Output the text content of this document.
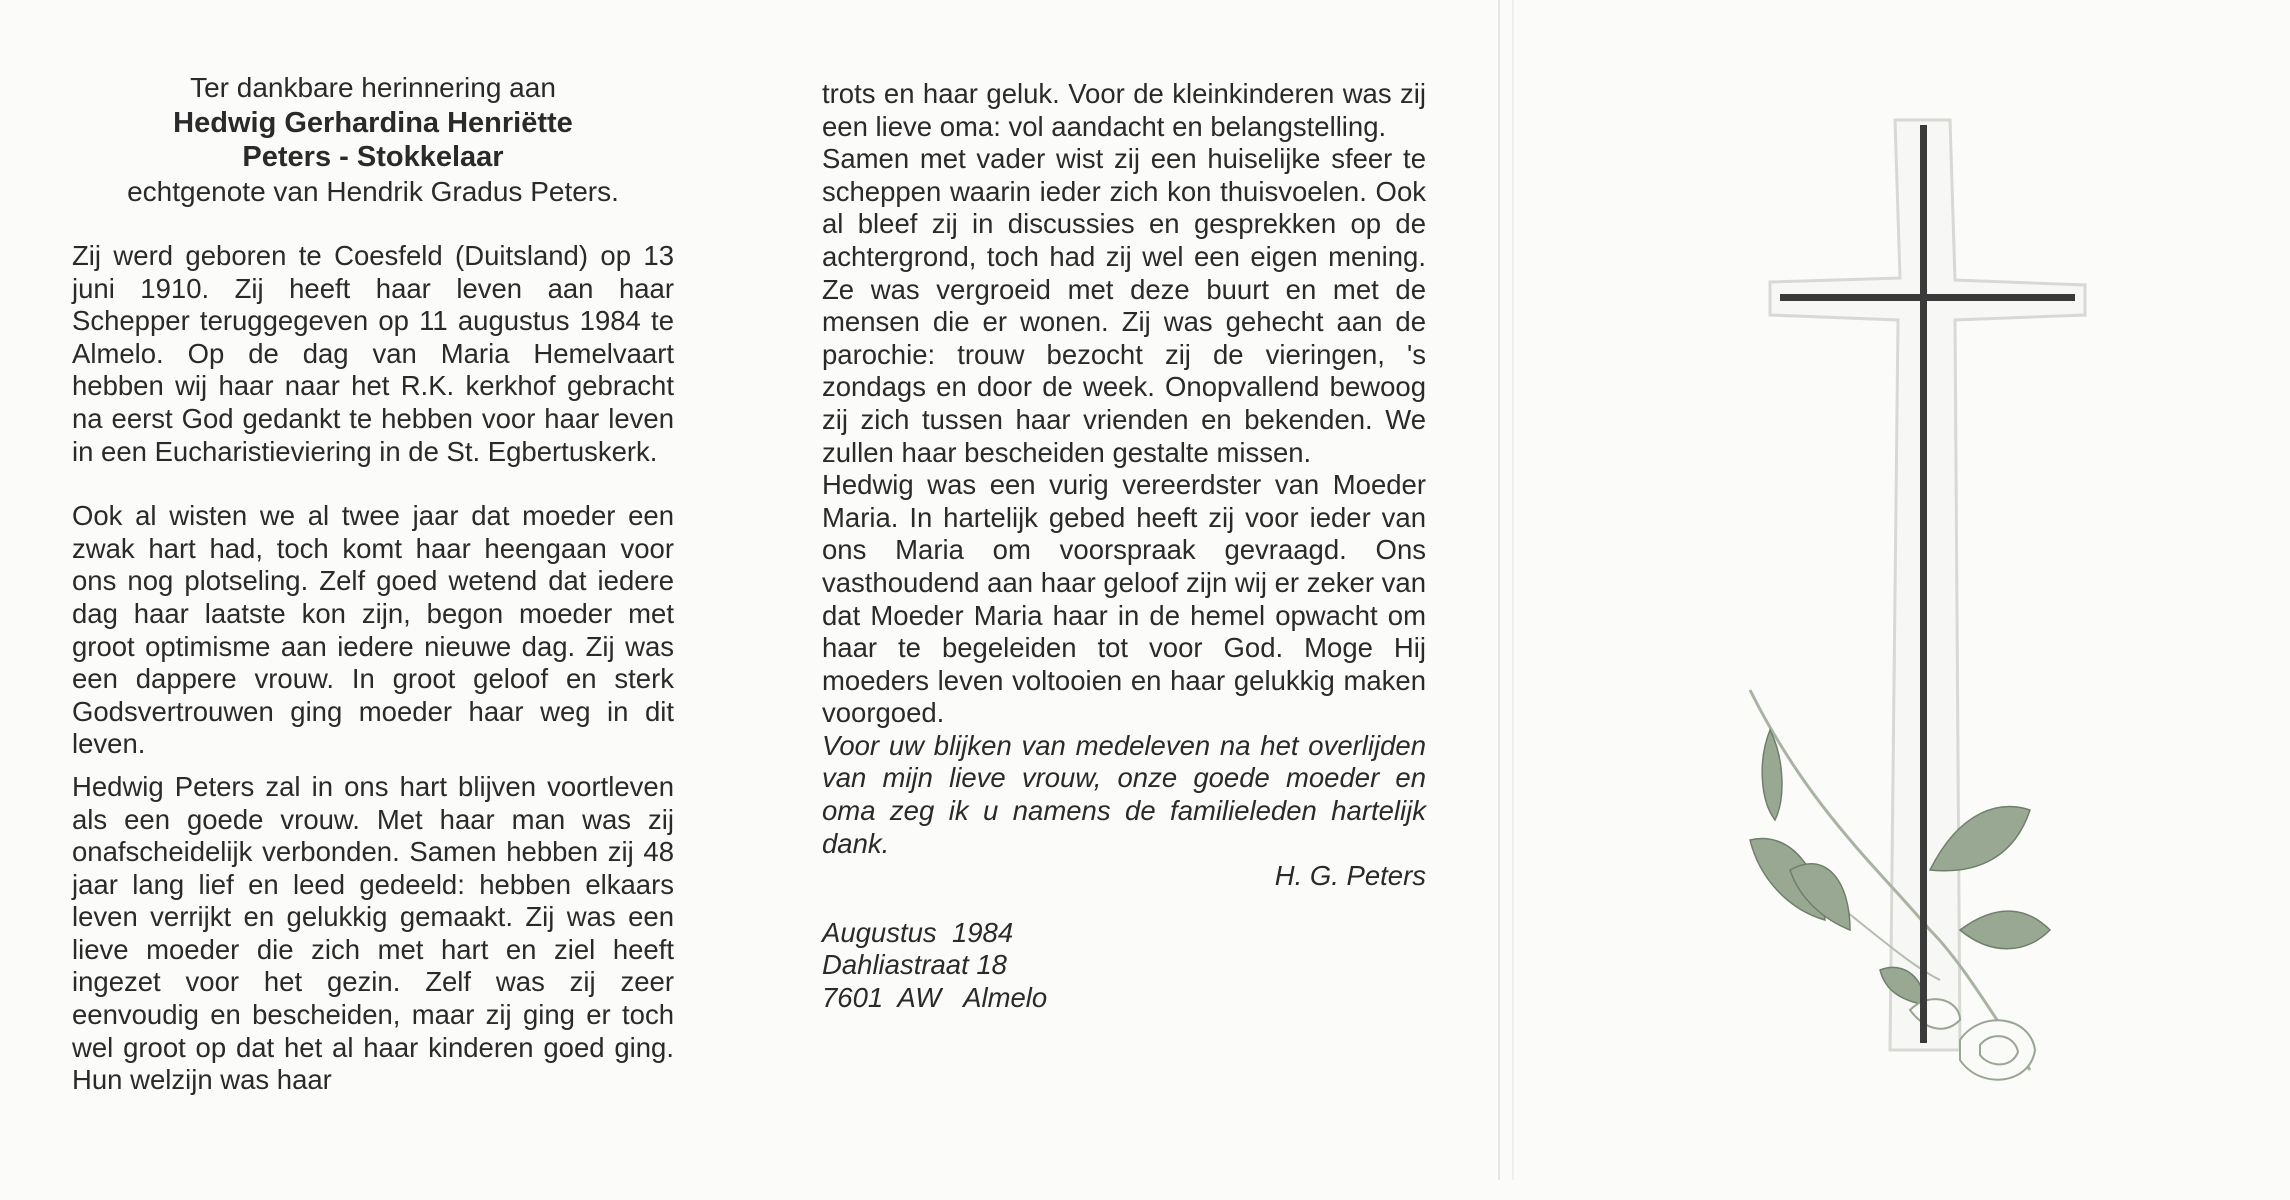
Ter dankbare herinnering aan
Hedwig Gerhardina Henriëtte
Peters - Stokkelaar
echtgenote van Hendrik Gradus Peters.

Zij werd geboren te Coesfeld (Duitsland) op 13 juni 1910. Zij heeft haar leven aan haar Schepper teruggegeven op 11 augustus 1984 te Almelo. Op de dag van Maria Hemelvaart hebben wij haar naar het R.K. kerkhof gebracht na eerst God gedankt te hebben voor haar leven in een Eucharistieviering in de St. Egbertuskerk.

Ook al wisten we al twee jaar dat moeder een zwak hart had, toch komt haar heengaan voor ons nog plotseling. Zelf goed wetend dat iedere dag haar laatste kon zijn, begon moeder met groot optimisme aan iedere nieuwe dag. Zij was een dappere vrouw. In groot geloof en sterk Godsvertrouwen ging moeder haar weg in dit leven.

Hedwig Peters zal in ons hart blijven voortleven als een goede vrouw. Met haar man was zij onafscheidelijk verbonden. Samen hebben zij 48 jaar lang lief en leed gedeeld: hebben elkaars leven verrijkt en gelukkig gemaakt. Zij was een lieve moeder die zich met hart en ziel heeft ingezet voor het gezin. Zelf was zij zeer eenvoudig en bescheiden, maar zij ging er toch wel groot op dat het al haar kinderen goed ging. Hun welzijn was haar

trots en haar geluk. Voor de kleinkinderen was zij een lieve oma: vol aandacht en belangstelling.

Samen met vader wist zij een huiselijke sfeer te scheppen waarin ieder zich kon thuisvoelen. Ook al bleef zij in discussies en gesprekken op de achtergrond, toch had zij wel een eigen mening. Ze was vergroeid met deze buurt en met de mensen die er wonen. Zij was gehecht aan de parochie: trouw bezocht zij de vieringen, 's zondags en door de week. Onopvallend bewoog zij zich tussen haar vrienden en bekenden. We zullen haar bescheiden gestalte missen.

Hedwig was een vurig vereerdster van Moeder Maria. In hartelijk gebed heeft zij voor ieder van ons Maria om voorspraak gevraagd. Ons vasthoudend aan haar geloof zijn wij er zeker van dat Moeder Maria haar in de hemel opwacht om haar te begeleiden tot voor God. Moge Hij moeders leven voltooien en haar gelukkig maken voorgoed.

Voor uw blijken van medeleven na het overlijden van mijn lieve vrouw, onze goede moeder en oma zeg ik u namens de familieleden hartelijk dank.

H. G. Peters

Augustus  1984
Dahliastraat 18
7601  AW   Almelo
